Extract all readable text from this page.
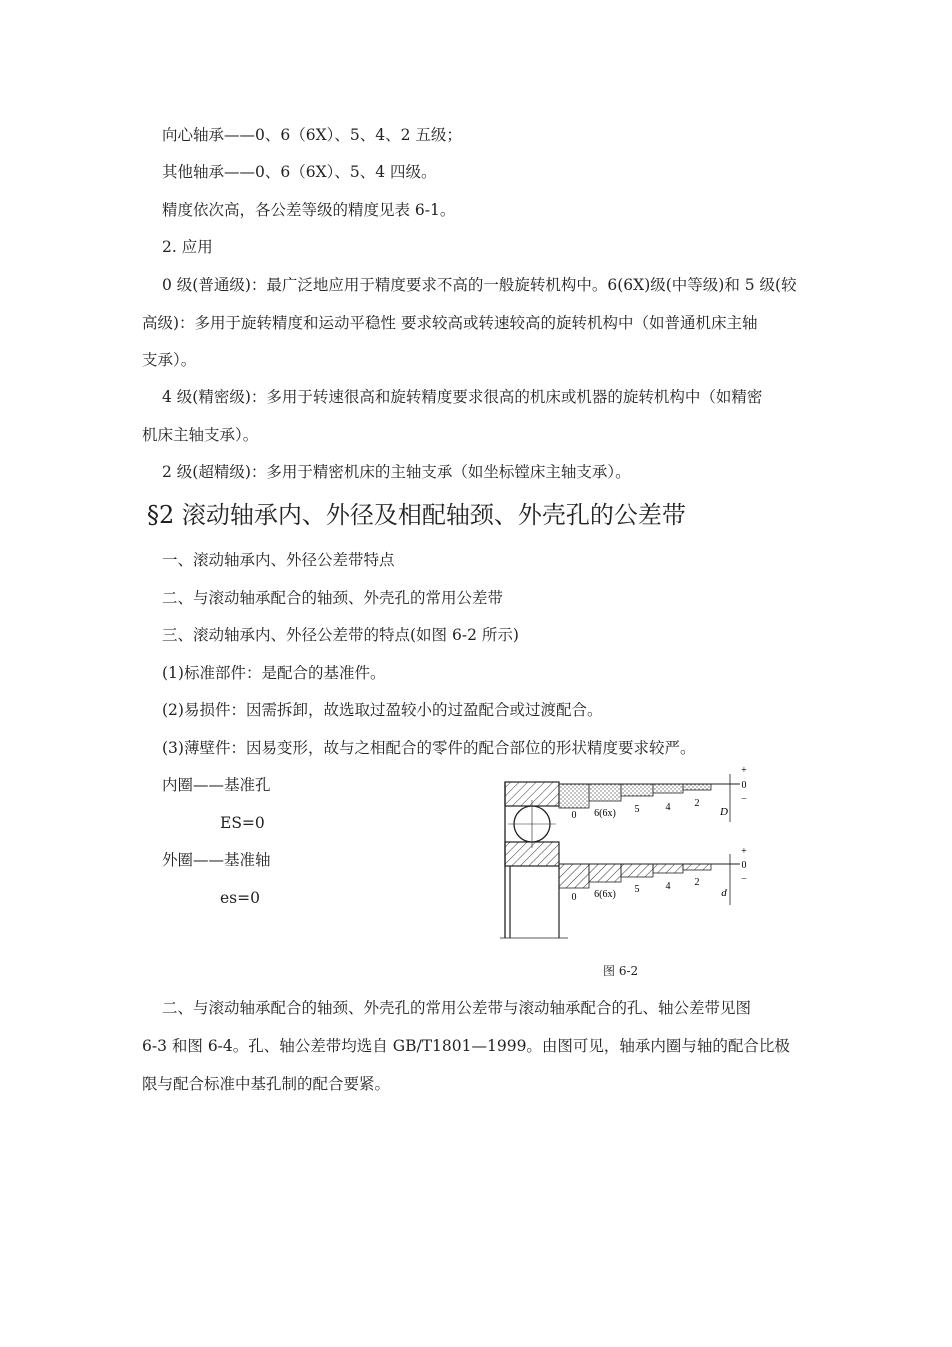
向心轴承——0、6（6X）、5、4、2 五级；
其他轴承——0、6（6X）、5、4 四级。
精度依次高，各公差等级的精度见表 6-1。
2. 应用
0 级(普通级)：最广泛地应用于精度要求不高的一般旋转机构中。6(6X)级(中等级)和 5 级(较
高级)：多用于旋转精度和运动平稳性 要求较高或转速较高的旋转机构中（如普通机床主轴
支承）。
4 级(精密级)：多用于转速很高和旋转精度要求很高的机床或机器的旋转机构中（如精密
机床主轴支承）。
2 级(超精级)：多用于精密机床的主轴支承（如坐标镗床主轴支承）。
§2 滚动轴承内、外径及相配轴颈、外壳孔的公差带
一、滚动轴承内、外径公差带特点
二、与滚动轴承配合的轴颈、外壳孔的常用公差带
三、滚动轴承内、外径公差带的特点(如图 6-2 所示)
(1)标准部件：是配合的基准件。
(2)易损件：因需拆卸，故选取过盈较小的过盈配合或过渡配合。
(3)薄壁件：因易变形，故与之相配合的零件的配合部位的形状精度要求较严。
内圈——基准孔
ES=0
外圈——基准轴
es=0
0 6(6x) 5	4 2
+
0
−
D
0 6(6x) 5	4 2
+
0
−
d
图 6-2
二、与滚动轴承配合的轴颈、外壳孔的常用公差带与滚动轴承配合的孔、轴公差带见图
6-3 和图 6-4。孔、轴公差带均选自 GB/T1801—1999。由图可见，轴承内圈与轴的配合比极
限与配合标准中基孔制的配合要紧。
